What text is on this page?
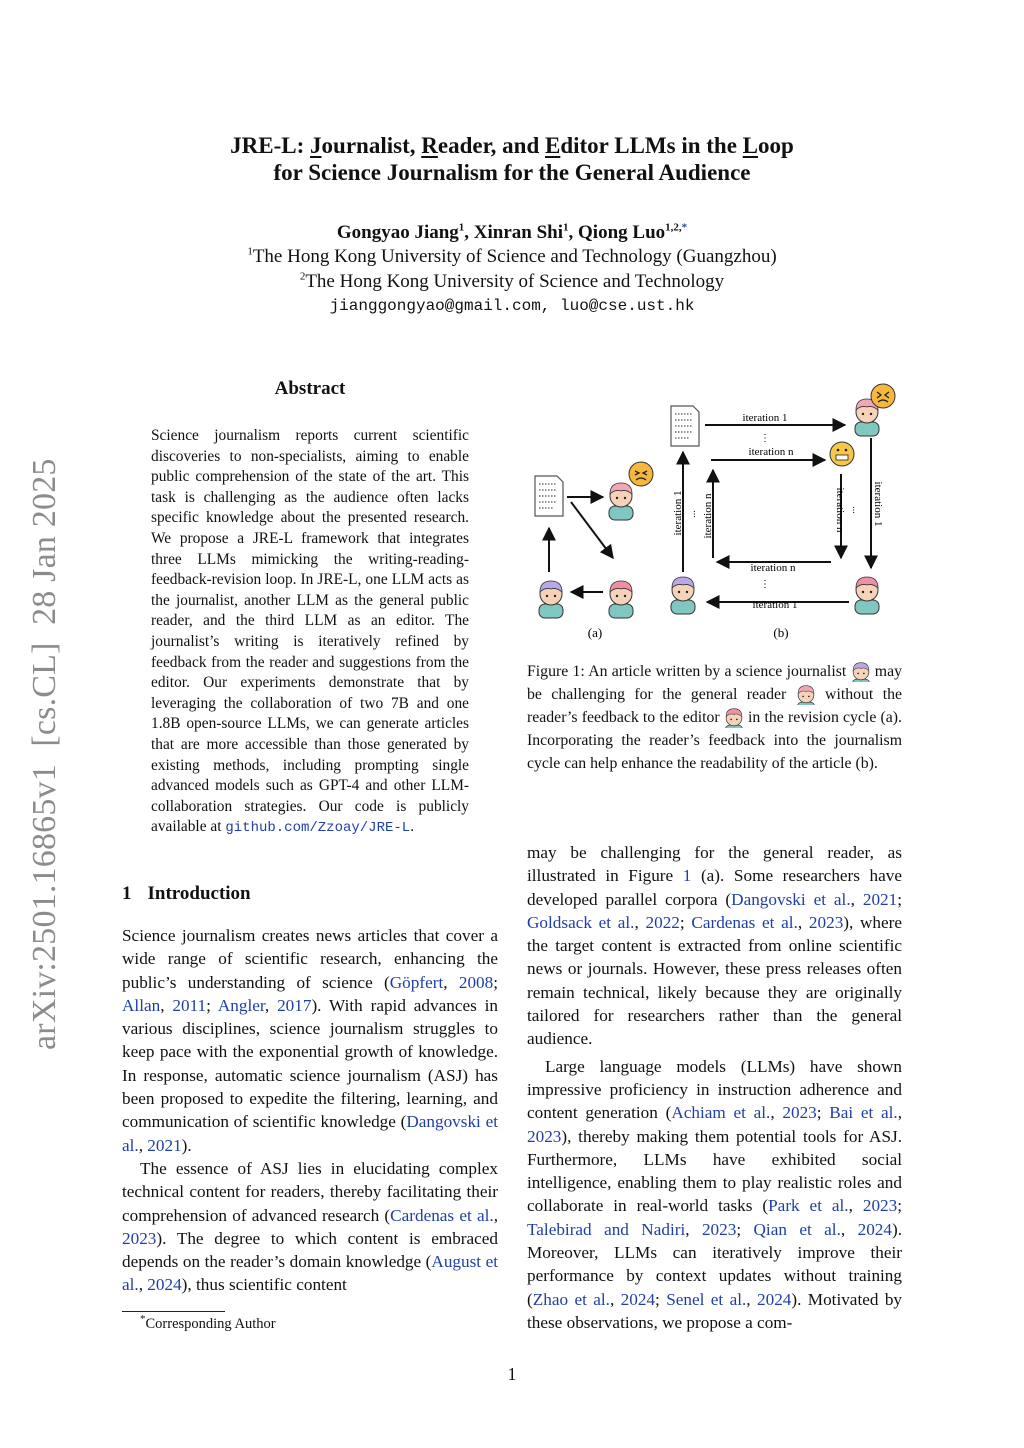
arXiv:2501.16865v1  [cs.CL]  28 Jan 2025
JRE-L: Journalist, Reader, and Editor LLMs in the Loop
for Science Journalism for the General Audience
Gongyao Jiang$^1$, Xinran Shi$^1$, Qiong Luo$^{1,2,*}$
$^1$The Hong Kong University of Science and Technology (Guangzhou)
$^2$The Hong Kong University of Science and Technology
jianggongyao@gmail.com, luo@cse.ust.hk
Abstract
Science journalism reports current scientific discoveries to non-specialists, aiming to enable public comprehension of the state of the art. This task is challenging as the audience often lacks specific knowledge about the presented research. We propose a JRE-L framework that integrates three LLMs mimicking the writing-reading-feedback-revision loop. In JRE-L, one LLM acts as the journalist, another LLM as the general public reader, and the third LLM as an editor. The journalist’s writing is iteratively refined by feedback from the reader and suggestions from the editor. Our experiments demonstrate that by leveraging the collaboration of two 7B and one 1.8B open-source LLMs, we can generate articles that are more accessible than those generated by existing methods, including prompting single advanced models such as GPT-4 and other LLM-collaboration strategies. Our code is publicly available at github.com/Zzoay/JRE-L.
1 Introduction

Science journalism creates news articles that cover a wide range of scientific research, enhancing the public’s understanding of science (Göpfert, 2008; Allan, 2011; Angler, 2017). With rapid advances in various disciplines, science journalism struggles to keep pace with the exponential growth of knowledge. In response, automatic science journalism (ASJ) has been proposed to expedite the filtering, learning, and communication of scientific knowledge (Dangovski et al., 2021).

The essence of ASJ lies in elucidating complex technical content for readers, thereby facilitating their comprehension of advanced research (Cardenas et al., 2023). The degree to which content is embraced depends on the reader’s domain knowledge (August et al., 2024), thus scientific content

*Corresponding Author
iteration 1
⋮
iteration n
iteration n
⋮
iteration 1
iteration 1 iteration n
...	iteration n ... iteration 1
(a)	(b)
Figure 1: An article written by a science journalist  may be challenging for the general reader  without the reader’s feedback to the editor  in the revision cycle (a). Incorporating the reader’s feedback into the journalism cycle can help enhance the readability of the article (b).

may be challenging for the general reader, as illustrated in Figure 1 (a). Some researchers have developed parallel corpora (Dangovski et al., 2021; Goldsack et al., 2022; Cardenas et al., 2023), where the target content is extracted from online scientific news or journals. However, these press releases often remain technical, likely because they are originally tailored for researchers rather than the general audience.

Large language models (LLMs) have shown impressive proficiency in instruction adherence and content generation (Achiam et al., 2023; Bai et al., 2023), thereby making them potential tools for ASJ. Furthermore, LLMs have exhibited social intelligence, enabling them to play realistic roles and collaborate in real-world tasks (Park et al., 2023; Talebirad and Nadiri, 2023; Qian et al., 2024). Moreover, LLMs can iteratively improve their performance by context updates without training (Zhao et al., 2024; Senel et al., 2024). Motivated by these observations, we propose a com-

1
